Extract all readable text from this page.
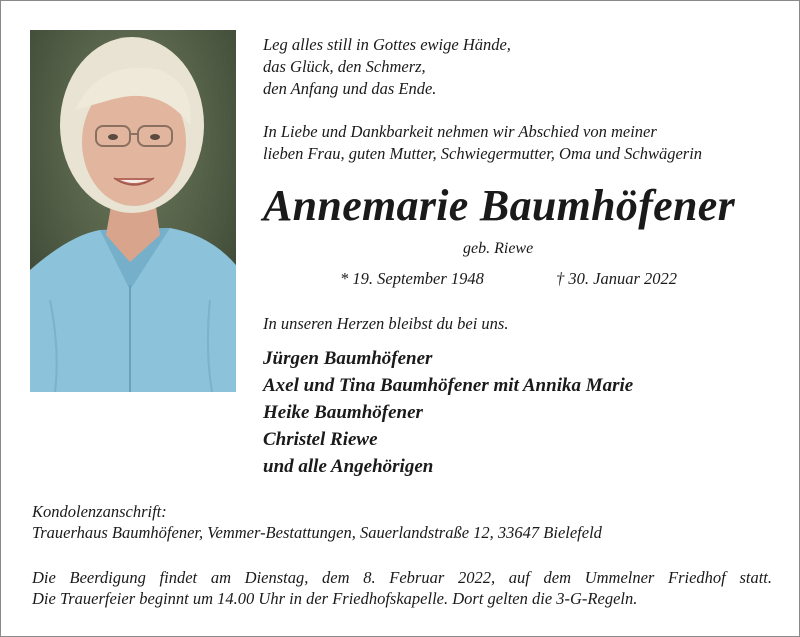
Leg alles still in Gottes ewige Hände,
das Glück, den Schmerz,
den Anfang und das Ende.
In Liebe und Dankbarkeit nehmen wir Abschied von meiner
lieben Frau, guten Mutter, Schwiegermutter, Oma und Schwägerin
Annemarie Baumhöfener
geb. Riewe
* 19. September 1948	† 30. Januar 2022
In unseren Herzen bleibst du bei uns.
Jürgen Baumhöfener
Axel und Tina Baumhöfener mit Annika Marie
Heike Baumhöfener
Christel Riewe
und alle Angehörigen
Kondolenzanschrift:
Trauerhaus Baumhöfener, Vemmer-Bestattungen, Sauerlandstraße 12, 33647 Bielefeld
Die Beerdigung findet am Dienstag, dem 8. Februar 2022, auf dem Ummelner Friedhof statt.
Die Trauerfeier beginnt um 14.00 Uhr in der Friedhofskapelle. Dort gelten die 3-G-Regeln.
